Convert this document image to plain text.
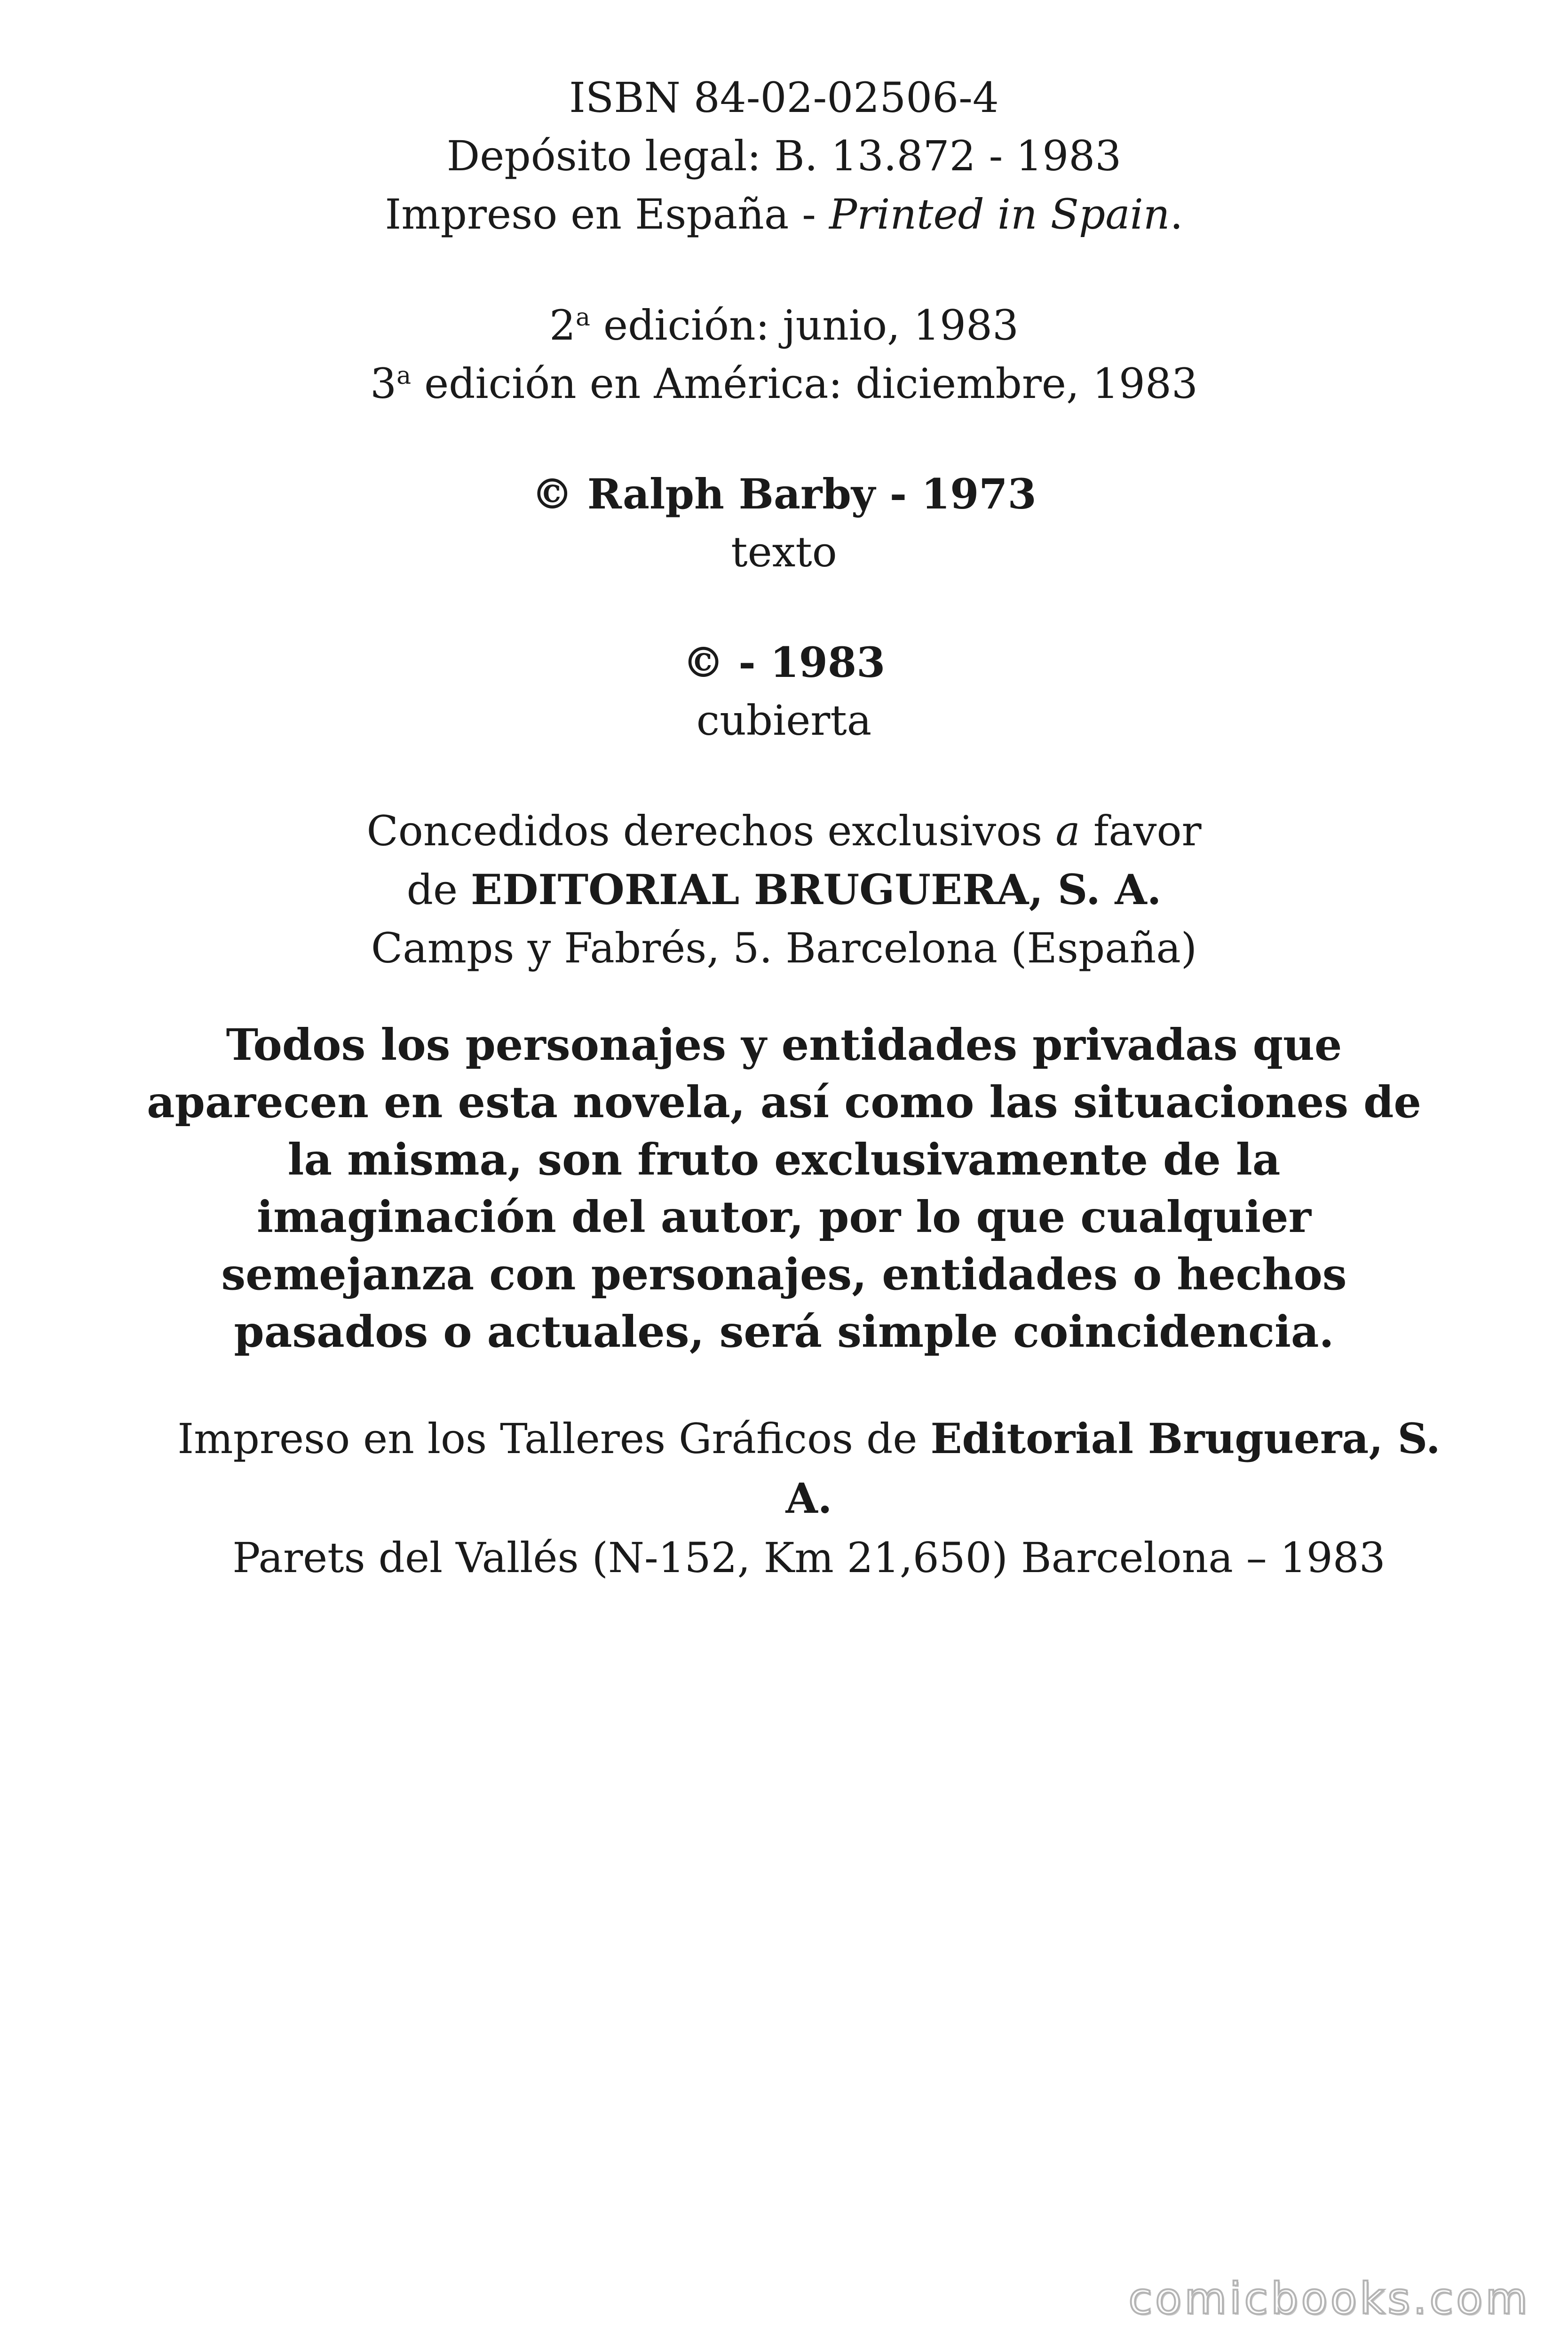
ISBN 84-02-02506-4
Depósito legal: B. 13.872 - 1983
Impreso en España - Printed in Spain.
2$^a$ edición: junio, 1983
3$^a$ edición en América: diciembre, 1983
© Ralph Barby - 1973
texto
© - 1983
cubierta
Concedidos derechos exclusivos a favor
de EDITORIAL BRUGUERA, S. A.
Camps y Fabrés, 5. Barcelona (España)
Todos los personajes y entidades privadas que aparecen en esta novela, así como las situaciones de la misma, son fruto exclusivamente de la imaginación del autor, por lo que cualquier semejanza con personajes, entidades o hechos pasados o actuales, será simple coincidencia.
Impreso en los Talleres Gráficos de Editorial Bruguera, S. A.
Parets del Vallés (N-152, Km 21,650) Barcelona – 1983
comicbooks.com
